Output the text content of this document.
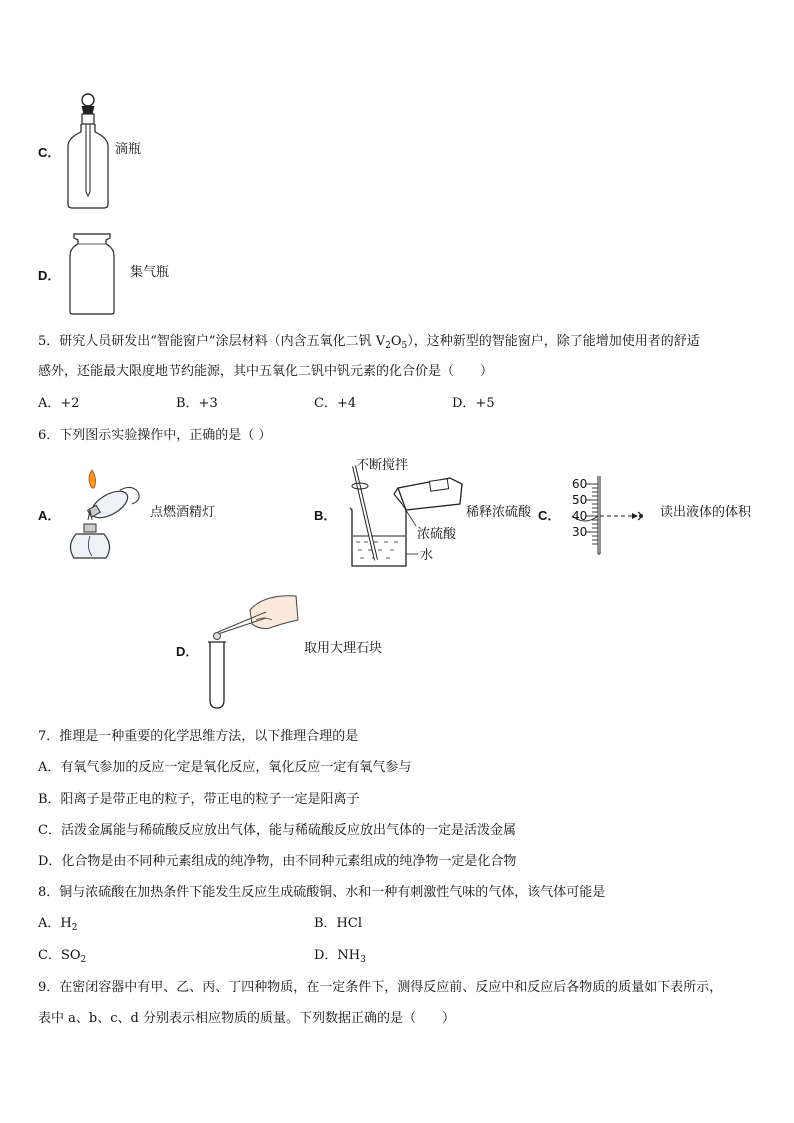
C．	滴瓶
D．	集气瓶
5．研究人员研发出“智能窗户”涂层材料（内含五氧化二钒 $V_2O_5$），这种新型的智能窗户，除了能增加使用者的舒适
感外，还能最大限度地节约能源，其中五氧化二钒中钒元素的化合价是（　　）
A．+2	B．+3	C．+4	D．+5
6．下列图示实验操作中，正确的是（ ）
A．	点燃酒精灯	B．
不断搅拌
稀释浓硫酸
浓硫酸
水
C．
60
50
40
30
读出液体的体积
D．	取用大理石块
7．推理是一种重要的化学思维方法，以下推理合理的是
A．有氧气参加的反应一定是氧化反应，氧化反应一定有氧气参与
B．阳离子是带正电的粒子，带正电的粒子一定是阳离子
C．活泼金属能与稀硫酸反应放出气体，能与稀硫酸反应放出气体的一定是活泼金属
D．化合物是由不同种元素组成的纯净物，由不同种元素组成的纯净物一定是化合物
8．铜与浓硫酸在加热条件下能发生反应生成硫酸铜、水和一种有刺激性气味的气体，该气体可能是
A．$H_2$	B．HCl
C．$SO_2$	D．$NH_3$
9．在密闭容器中有甲、乙、丙、丁四种物质，在一定条件下，测得反应前、反应中和反应后各物质的质量如下表所示，
表中 a、b、c、d 分别表示相应物质的质量。下列数据正确的是（　　）
